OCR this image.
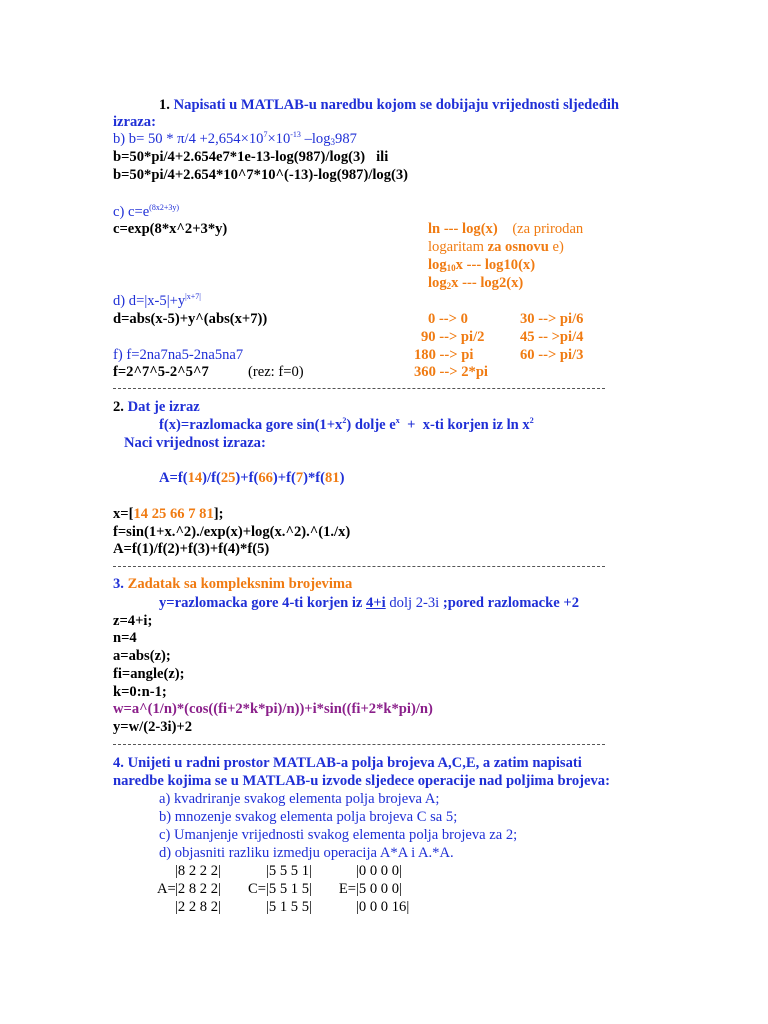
1. Napisati u MATLAB-u naredbu kojom se dobijaju vrijednosti sljedeđih
izraza:
b) $b= 50 * \pi/4 +2,654\times 10^7\times 10^{-13}$ $-\log_3987$
b=50*pi/4+2.654e7*1e-13-log(987)/log(3)   ili
b=50*pi/4+2.654*10^7*10^(-13)-log(987)/log(3)
c) $c=e^{(8x2+3y)}$
c=exp(8*x^2+3*y)	ln --- log(x) (za prirodan
logaritam za osnovu e)
$\log_{10}x$ --- log10(x)
$\log_2x$ --- log2(x)
d) $d=|x-5|+y^{|x+7|}$
d=abs(x-5)+y^(abs(x+7))	0 --> 0	30 --> pi/6
90 --> pi/2 45 -- >pi/4
f) f=2na7na5-2na5na7	180 --> pi	60 --> pi/3
f=2^7^5-2^5^7	(rez: f=0)	360 --> 2*pi
2. Dat je izraz
f(x)=razlomacka gore $\sin(1+x^2)$ dolje $e^x + x-ti$ korjen iz $\ln x^2$
Naci vrijednost izraza:
A=f(14)/f(25)+f(66)+f(7)*f(81)
x=[14 25 66 7 81];
f=sin(1+x.^2)./exp(x)+log(x.^2).^(1./x)
A=f(1)/f(2)+f(3)+f(4)*f(5)
3. Zadatak sa kompleksnim brojevima
y=razlomacka gore 4-ti korjen iz 4+i dolj 2-3i ;pored razlomacke +2
z=4+i;
n=4
a=abs(z);
fi=angle(z);
k=0:n-1;
w=a^(1/n)*(cos((fi+2*k*pi)/n))+i*sin((fi+2*k*pi)/n)
y=w/(2-3i)+2
4. Unijeti u radni prostor MATLAB-a polja brojeva A,C,E, a zatim napisati
naredbe kojima se u MATLAB-u izvode sljedece operacije nad poljima brojeva:
a) kvadriranje svakog elementa polja brojeva A;
b) mnozenje svakog elementa polja brojeva C sa 5;
c) Umanjenje vrijednosti svakog elementa polja brojeva za 2;
d) objasniti razliku izmedju operacija A*A i A.*A.
|8 2 2 2|	|5 5 5 1|	|0 0 0 0|
A= |2 8 2 2| C= |5 5 1 5| E= |5 0 0 0|
|2 2 8 2|	|5 1 5 5|	|0 0 0 16|
